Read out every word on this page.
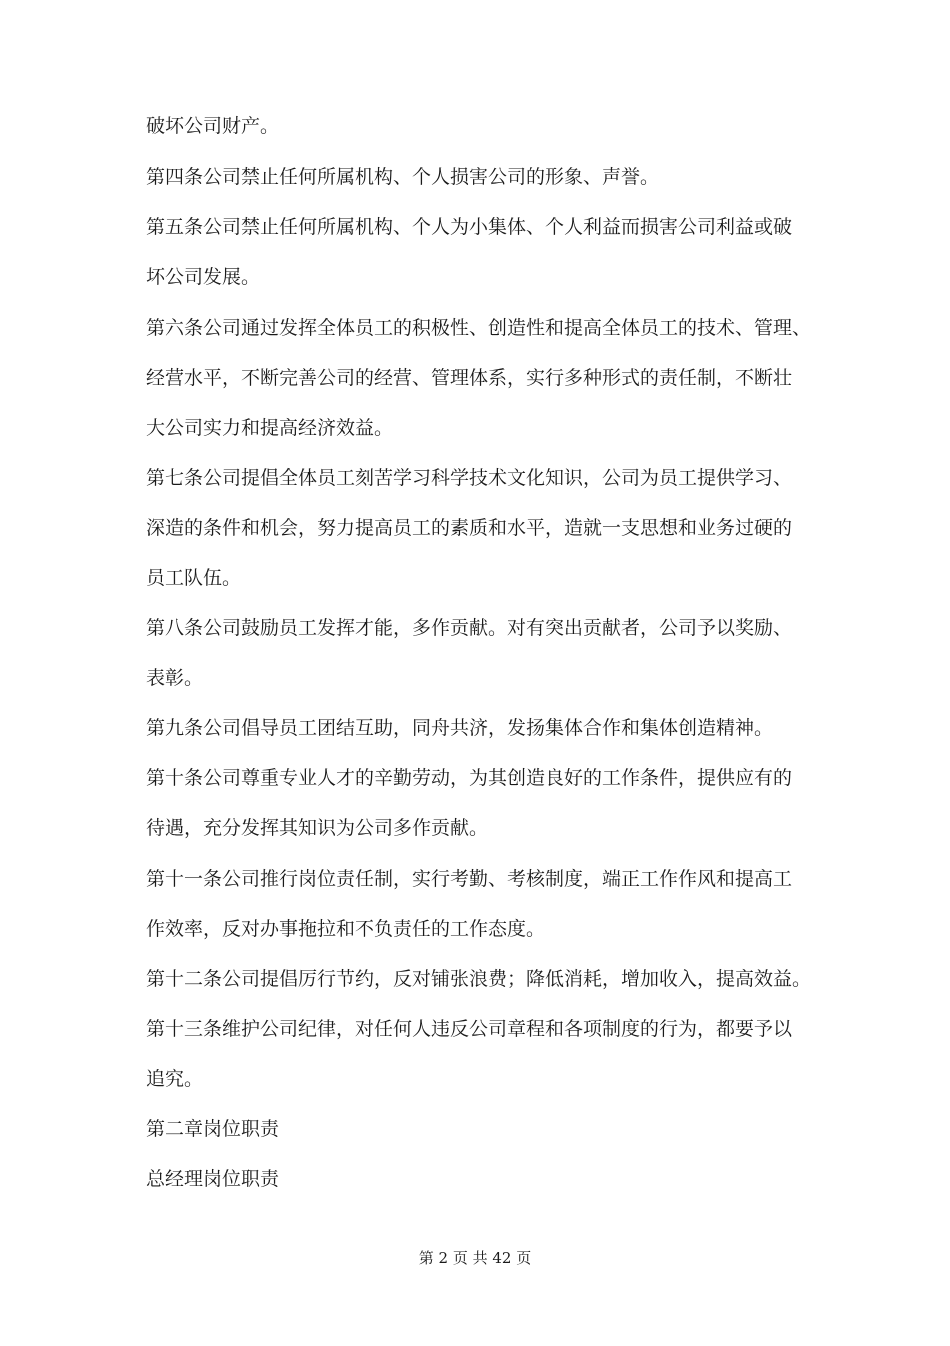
破坏公司财产。
第四条公司禁止任何所属机构、个人损害公司的形象、声誉。
第五条公司禁止任何所属机构、个人为小集体、个人利益而损害公司利益或破
坏公司发展。
第六条公司通过发挥全体员工的积极性、创造性和提高全体员工的技术、管理、
经营水平，不断完善公司的经营、管理体系，实行多种形式的责任制，不断壮
大公司实力和提高经济效益。
第七条公司提倡全体员工刻苦学习科学技术文化知识，公司为员工提供学习、
深造的条件和机会，努力提高员工的素质和水平，造就一支思想和业务过硬的
员工队伍。
第八条公司鼓励员工发挥才能，多作贡献。对有突出贡献者，公司予以奖励、
表彰。
第九条公司倡导员工团结互助，同舟共济，发扬集体合作和集体创造精神。
第十条公司尊重专业人才的辛勤劳动，为其创造良好的工作条件，提供应有的
待遇，充分发挥其知识为公司多作贡献。
第十一条公司推行岗位责任制，实行考勤、考核制度，端正工作作风和提高工
作效率，反对办事拖拉和不负责任的工作态度。
第十二条公司提倡厉行节约，反对铺张浪费；降低消耗，增加收入，提高效益。
第十三条维护公司纪律，对任何人违反公司章程和各项制度的行为，都要予以
追究。
第二章岗位职责
总经理岗位职责
第 2 页 共 42 页
